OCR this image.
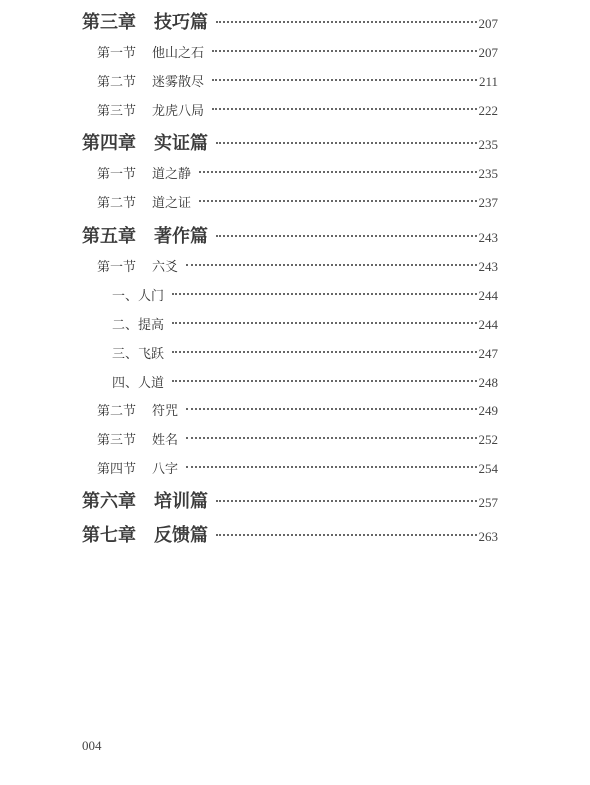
第三章 技巧篇	207
第一节 他山之石	207
第二节 迷雾散尽	211
第三节 龙虎八局	222
第四章 实证篇	235
第一节 道之静	235
第二节 道之证	237
第五章 著作篇	243
第一节 六爻	243
一、人门	244
二、提高	244
三、飞跃	247
四、人道	248
第二节 符咒	249
第三节 姓名	252
第四节 八字	254
第六章 培训篇	257
第七章 反馈篇	263
004
